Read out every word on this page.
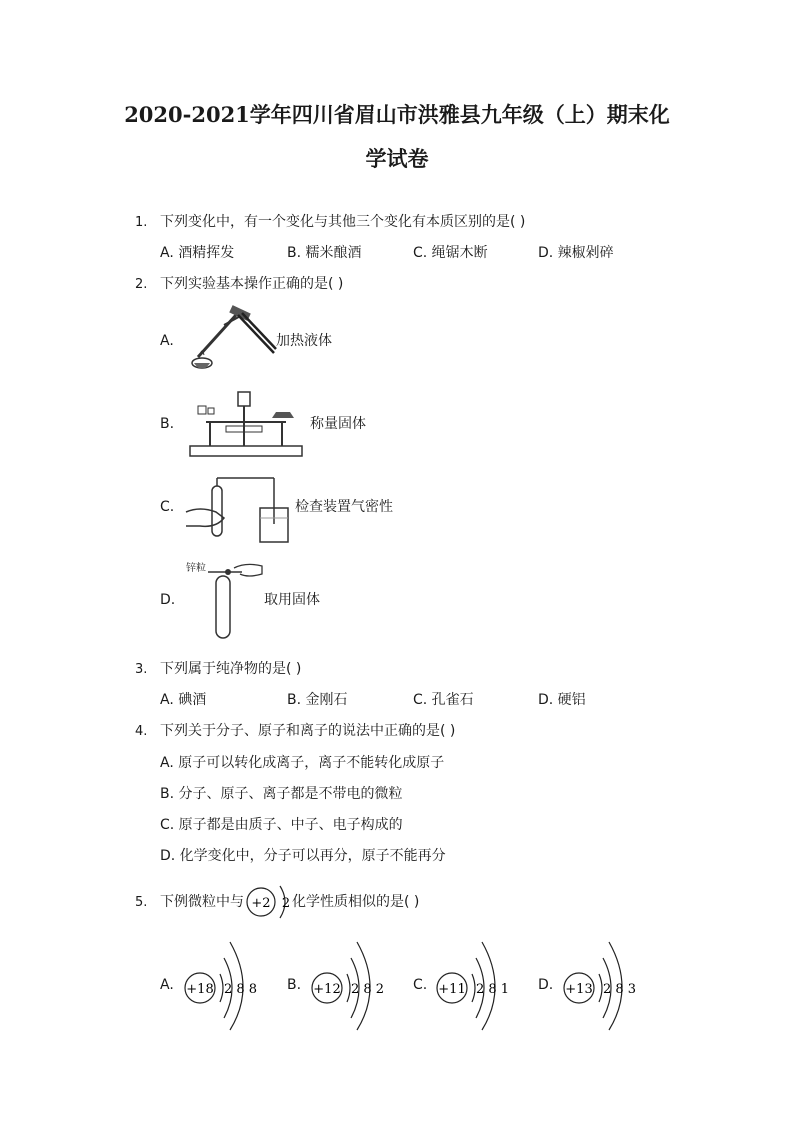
2020-2021学年四川省眉山市洪雅县九年级（上）期末化
学试卷
1. 下列变化中，有一个变化与其他三个变化有本质区别的是( )
A. 酒精挥发	B. 糯米酿酒	C. 绳锯木断	D. 辣椒剁碎
2. 下列实验基本操作正确的是( )
A.	加热液体
B.	称量固体
C.	检查装置气密性
D.
锌粒
取用固体
3. 下列属于纯净物的是( )
A. 碘酒	B. 金刚石	C. 孔雀石	D. 硬铝
4. 下列关于分子、原子和离子的说法中正确的是( )
A. 原子可以转化成离子，离子不能转化成原子
B. 分子、原子、离子都是不带电的微粒
C. 原子都是由质子、中子、电子构成的
D. 化学变化中，分子可以再分，原子不能再分
5. 下例微粒中与 +2 2 化学性质相似的是( )
A. +18 2 8 8 B. +12 2 8 2 C. +11 2 8 1 D. +13 2 8 3
